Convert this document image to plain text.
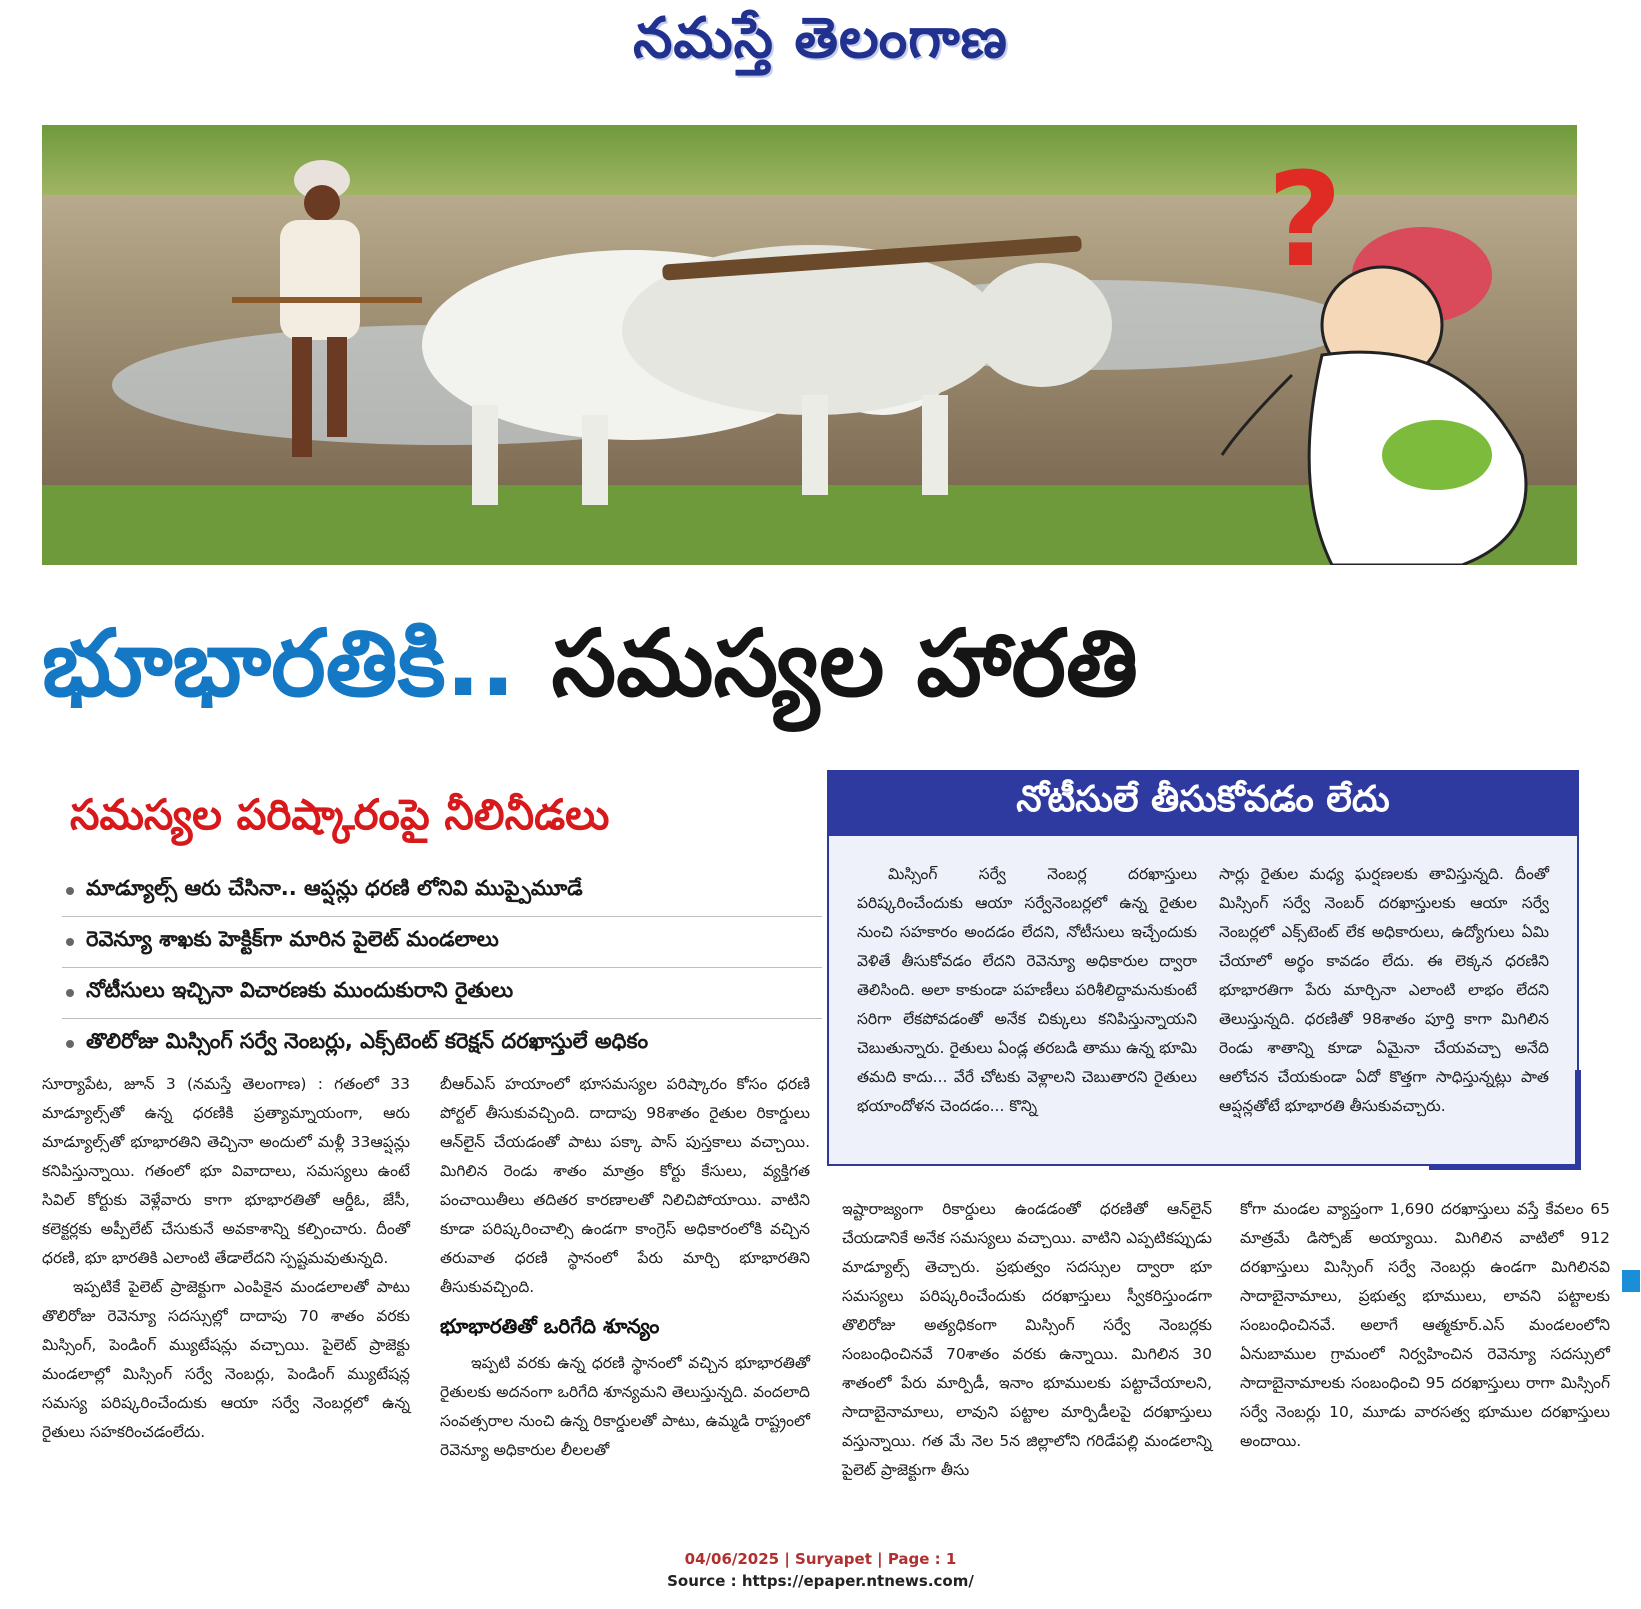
నమస్తే తెలంగాణ
?
భూభారతికి.. సమస్యల హారతి
సమస్యల పరిష్కారంపై నీలినీడలు
మాడ్యూల్స్ ఆరు చేసినా.. ఆప్షన్లు ధరణి లోనివి ముప్పైమూడే
రెవెన్యూ శాఖకు హెక్టిక్‌గా మారిన పైలెట్ మండలాలు
నోటీసులు ఇచ్చినా విచారణకు ముందుకురాని రైతులు
తొలిరోజు మిస్సింగ్ సర్వే నెంబర్లు, ఎక్స్‌టెంట్ కరెక్షన్ దరఖాస్తులే అధికం

సూర్యాపేట, జూన్ 3 (నమస్తే తెలంగాణ) : గతంలో 33 మాడ్యూల్స్‌తో ఉన్న ధరణికి ప్రత్యామ్నాయంగా, ఆరు మాడ్యూల్స్‌తో భూభారతిని తెచ్చినా అందులో మళ్లీ 33ఆప్షన్లు కనిపిస్తున్నాయి. గతంలో భూ వివాదాలు, సమస్యలు ఉంటే సివిల్ కోర్టుకు వెళ్లేవారు కాగా భూభారతితో ఆర్డీఓ, జేసీ, కలెక్టర్లకు అప్పీలేట్ చేసుకునే అవకాశాన్ని కల్పించారు. దీంతో ధరణి, భూ భారతికి ఎలాంటి తేడాలేదని స్పష్టమవుతున్నది.

ఇప్పటికే పైలెట్ ప్రాజెక్టుగా ఎంపికైన మండలాలతో పాటు తొలిరోజు రెవెన్యూ సదస్సుల్లో దాదాపు 70 శాతం వరకు మిస్సింగ్, పెండింగ్ మ్యుటేషన్లు వచ్చాయి. పైలెట్ ప్రాజెక్టు మండలాల్లో మిస్సింగ్ సర్వే నెంబర్లు, పెండింగ్ మ్యుటేషన్ల సమస్య పరిష్కరించేందుకు ఆయా సర్వే నెంబర్లలో ఉన్న రైతులు సహకరించడంలేదు.

బీఆర్ఎస్ హయాంలో భూసమస్యల పరిష్కారం కోసం ధరణి పోర్టల్ తీసుకువచ్చింది. దాదాపు 98శాతం రైతుల రికార్డులు ఆన్‌లైన్ చేయడంతో పాటు పక్కా పాస్ పుస్తకాలు వచ్చాయి. మిగిలిన రెండు శాతం మాత్రం కోర్టు కేసులు, వ్యక్తిగత పంచాయితీలు తదితర కారణాలతో నిలిచిపోయాయి. వాటిని కూడా పరిష్కరించాల్సి ఉండగా కాంగ్రెస్ అధికారంలోకి వచ్చిన తరువాత ధరణి స్థానంలో పేరు మార్చి భూభారతిని తీసుకువచ్చింది.

భూభారతితో ఒరిగేది శూన్యం

ఇప్పటి వరకు ఉన్న ధరణి స్థానంలో వచ్చిన భూభారతితో రైతులకు అదనంగా ఒరిగేది శూన్యమని తెలుస్తున్నది. వందలాది సంవత్సరాల నుంచి ఉన్న రికార్డులతో పాటు, ఉమ్మడి రాష్ట్రంలో రెవెన్యూ అధికారుల లీలలతో

నోటీసులే తీసుకోవడం లేదు

మిస్సింగ్ సర్వే నెంబర్ల దరఖాస్తులు పరిష్కరించేందుకు ఆయా సర్వేనెంబర్లలో ఉన్న రైతుల నుంచి సహకారం అందడం లేదని, నోటీసులు ఇచ్చేందుకు వెళితే తీసుకోవడం లేదని రెవెన్యూ అధికారుల ద్వారా తెలిసింది. అలా కాకుండా పహణీలు పరిశీలిద్దామనుకుంటే సరిగా లేకపోవడంతో అనేక చిక్కులు కనిపిస్తున్నాయని చెబుతున్నారు. రైతులు ఏండ్ల తరబడి తాము ఉన్న భూమి తమది కాదు... వేరే చోటకు వెళ్లాలని చెబుతారని రైతులు భయాందోళన చెందడం... కొన్ని

సార్లు రైతుల మధ్య ఘర్షణలకు తావిస్తున్నది. దీంతో మిస్సింగ్ సర్వే నెంబర్ దరఖాస్తులకు ఆయా సర్వే నెంబర్లలో ఎక్స్‌టెంట్ లేక అధికారులు, ఉద్యోగులు ఏమి చేయాలో అర్థం కావడం లేదు. ఈ లెక్కన ధరణిని భూభారతిగా పేరు మార్చినా ఎలాంటి లాభం లేదని తెలుస్తున్నది. ధరణితో 98శాతం పూర్తి కాగా మిగిలిన రెండు శాతాన్ని కూడా ఏమైనా చేయవచ్చా అనేది ఆలోచన చేయకుండా ఏదో కొత్తగా సాధిస్తున్నట్లు పాత ఆప్షన్లతోటే భూభారతి తీసుకువచ్చారు.

ఇష్టారాజ్యంగా రికార్డులు ఉండడంతో ధరణితో ఆన్‌లైన్ చేయడానికే అనేక సమస్యలు వచ్చాయి. వాటిని ఎప్పటికప్పుడు మాడ్యూల్స్ తెచ్చారు. ప్రభుత్వం సదస్సుల ద్వారా భూ సమస్యలు పరిష్కరించేందుకు దరఖాస్తులు స్వీకరిస్తుండగా తొలిరోజు అత్యధికంగా మిస్సింగ్ సర్వే నెంబర్లకు సంబంధించినవే 70శాతం వరకు ఉన్నాయి. మిగిలిన 30 శాతంలో పేరు మార్పిడీ, ఇనాం భూములకు పట్టాచేయాలని, సాదాబైనామాలు, లావుని పట్టాల మార్పిడీలపై దరఖాస్తులు వస్తున్నాయి. గత మే నెల 5న జిల్లాలోని గరిడేపల్లి మండలాన్ని పైలెట్ ప్రాజెక్టుగా తీసు

కోగా మండల వ్యాప్తంగా 1,690 దరఖాస్తులు వస్తే కేవలం 65 మాత్రమే డిస్పోజ్ అయ్యాయి. మిగిలిన వాటిలో 912 దరఖాస్తులు మిస్సింగ్ సర్వే నెంబర్లు ఉండగా మిగిలినవి సాదాబైనామాలు, ప్రభుత్వ భూములు, లావని పట్టాలకు సంబంధించినవే. అలాగే ఆత్మకూర్.ఎస్ మండలంలోని ఏనుబాముల గ్రామంలో నిర్వహించిన రెవెన్యూ సదస్సులో సాదాబైనామాలకు సంబంధించి 95 దరఖాస్తులు రాగా మిస్సింగ్ సర్వే నెంబర్లు 10, మూడు వారసత్వ భూముల దరఖాస్తులు అందాయి.

04/06/2025 | Suryapet | Page : 1
Source : https://epaper.ntnews.com/
